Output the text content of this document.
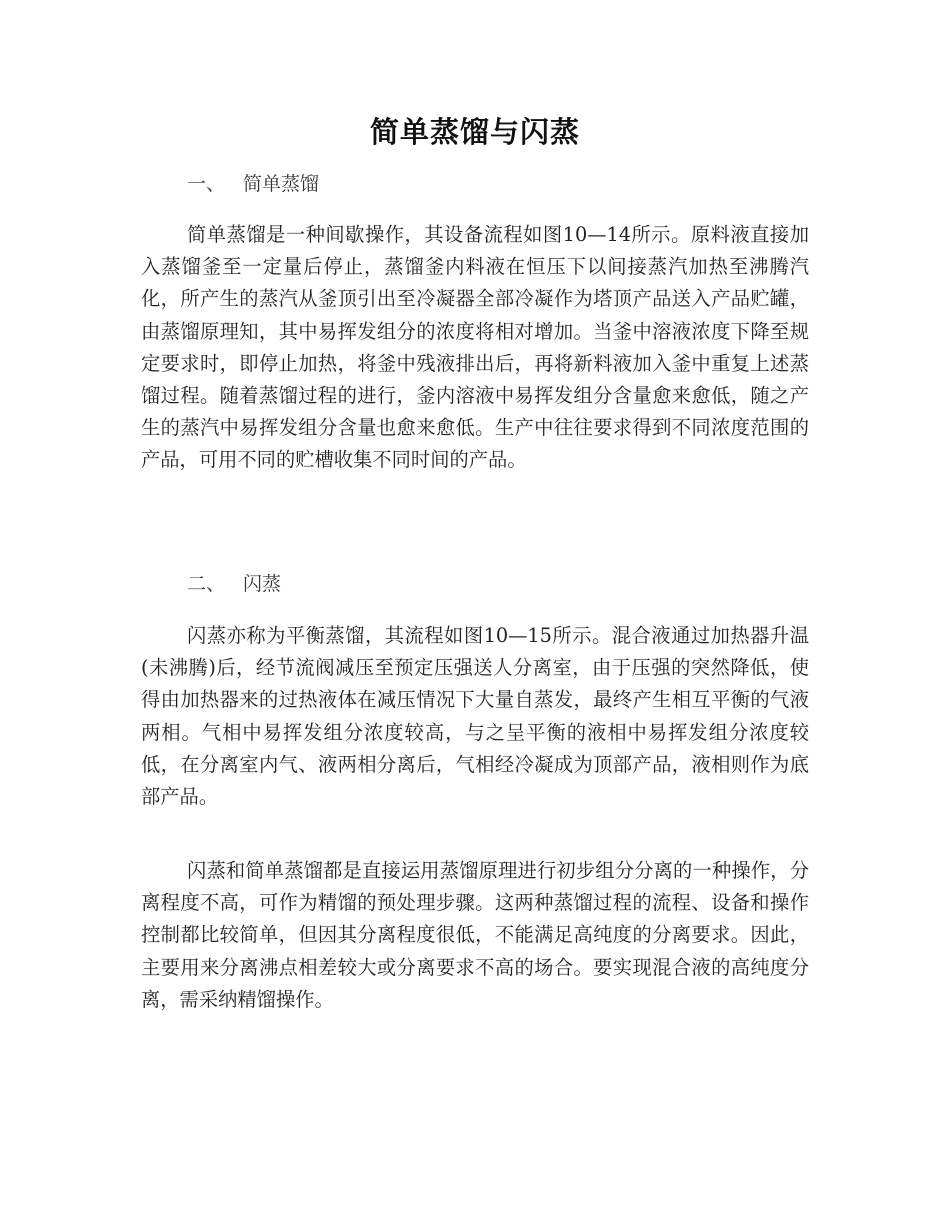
简单蒸馏与闪蒸
一、 简单蒸馏

简单蒸馏是一种间歇操作，其设备流程如图10—14所示。原料液直接加入蒸馏釜至一定量后停止，蒸馏釜内料液在恒压下以间接蒸汽加热至沸腾汽化，所产生的蒸汽从釜顶引出至冷凝器全部冷凝作为塔顶产品送入产品贮罐，由蒸馏原理知，其中易挥发组分的浓度将相对增加。当釜中溶液浓度下降至规定要求时，即停止加热，将釜中残液排出后，再将新料液加入釜中重复上述蒸馏过程。随着蒸馏过程的进行，釜内溶液中易挥发组分含量愈来愈低，随之产生的蒸汽中易挥发组分含量也愈来愈低。生产中往往要求得到不同浓度范围的产品，可用不同的贮槽收集不同时间的产品。

二、 闪蒸

闪蒸亦称为平衡蒸馏，其流程如图10—15所示。混合液通过加热器升温(未沸腾)后，经节流阀减压至预定压强送人分离室，由于压强的突然降低，使得由加热器来的过热液体在减压情况下大量自蒸发，最终产生相互平衡的气液两相。气相中易挥发组分浓度较高，与之呈平衡的液相中易挥发组分浓度较低，在分离室内气、液两相分离后，气相经冷凝成为顶部产品，液相则作为底部产品。

闪蒸和简单蒸馏都是直接运用蒸馏原理进行初步组分分离的一种操作，分离程度不高，可作为精馏的预处理步骤。这两种蒸馏过程的流程、设备和操作控制都比较简单，但因其分离程度很低，不能满足高纯度的分离要求。因此，主要用来分离沸点相差较大或分离要求不高的场合。要实现混合液的高纯度分离，需采纳精馏操作。
